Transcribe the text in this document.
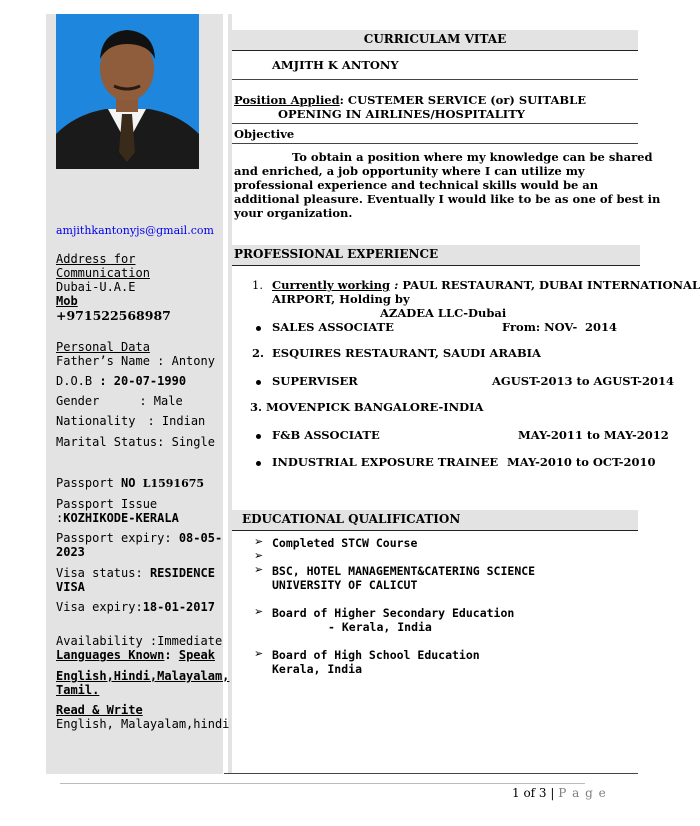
amjithkantonyjs@gmail.com
Address for
Communication
Dubai-U.A.E
Mob
+971522568987
Personal Data
Father’s Name : Antony
D.O.B : 20-07-1990
Gender	: Male
Nationality : Indian
Marital Status: Single
Passport NO L1591675
Passport Issue
:KOZHIKODE-KERALA
Passport expiry: 08-05-
2023
Visa status: RESIDENCE
VISA
Visa expiry:18-01-2017
Availability :Immediate
Languages Known: Speak
English,Hindi,Malayalam,
Tamil.
Read & Write
English, Malayalam,hindi
CURRICULAM VITAE
AMJITH K ANTONY
Position Applied: CUSTEMER SERVICE (or) SUITABLE
OPENING IN AIRLINES/HOSPITALITY
Objective
To obtain a position where my knowledge can be shared
and enriched, a job opportunity where I can utilize my
professional experience and technical skills would be an
additional pleasure. Eventually I would like to be as one of best in
your organization.
PROFESSIONAL EXPERIENCE
1. Currently working : PAUL RESTAURANT, DUBAI INTERNATIONAL
AIRPORT, Holding by
AZADEA LLC-Dubai
SALES ASSOCIATE	From: NOV- 2014
2. ESQUIRES RESTAURANT, SAUDI ARABIA
SUPERVISER	AGUST-2013 to AGUST-2014
3. MOVENPICK BANGALORE-INDIA
F&B ASSOCIATE	MAY-2011 to MAY-2012
INDUSTRIAL EXPOSURE TRAINEE MAY-2010 to OCT-2010
EDUCATIONAL QUALIFICATION
➢ Completed STCW Course
➢
➢ BSC, HOTEL MANAGEMENT&CATERING SCIENCE
UNIVERSITY OF CALICUT
➢ Board of Higher Secondary Education
- Kerala, India
➢ Board of High School Education
Kerala, India
1 of 3 | P a g e
